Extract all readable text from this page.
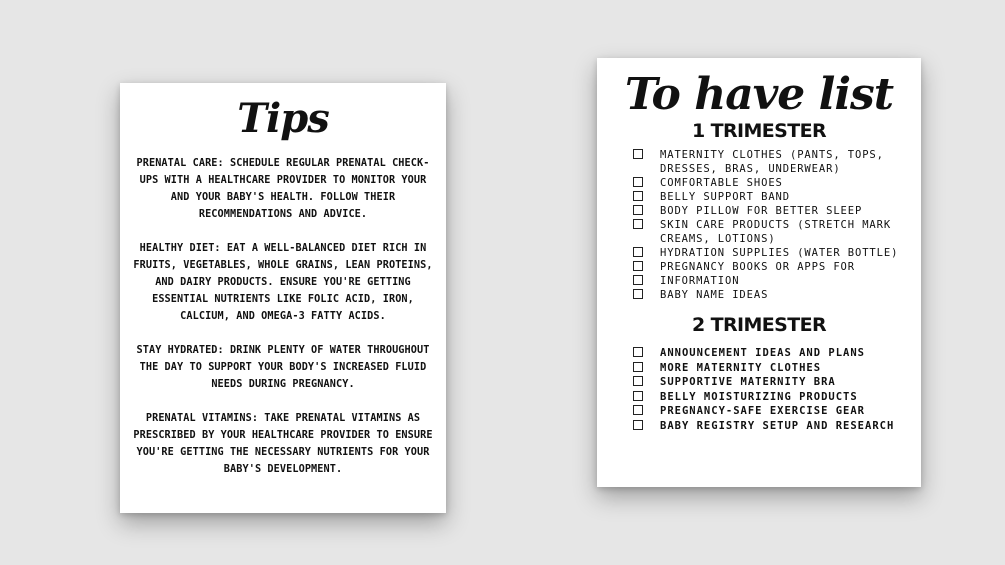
Tips

PRENATAL CARE: SCHEDULE REGULAR PRENATAL CHECK-UPS WITH A HEALTHCARE PROVIDER TO MONITOR YOUR AND YOUR BABY'S HEALTH. FOLLOW THEIR RECOMMENDATIONS AND ADVICE.

HEALTHY DIET: EAT A WELL-BALANCED DIET RICH IN FRUITS, VEGETABLES, WHOLE GRAINS, LEAN PROTEINS, AND DAIRY PRODUCTS. ENSURE YOU'RE GETTING ESSENTIAL NUTRIENTS LIKE FOLIC ACID, IRON, CALCIUM, AND OMEGA-3 FATTY ACIDS.

STAY HYDRATED: DRINK PLENTY OF WATER THROUGHOUT THE DAY TO SUPPORT YOUR BODY'S INCREASED FLUID NEEDS DURING PREGNANCY.

PRENATAL VITAMINS: TAKE PRENATAL VITAMINS AS PRESCRIBED BY YOUR HEALTHCARE PROVIDER TO ENSURE YOU'RE GETTING THE NECESSARY NUTRIENTS FOR YOUR BABY'S DEVELOPMENT.

To have list
1 TRIMESTER
MATERNITY CLOTHES (PANTS, TOPS, DRESSES, BRAS, UNDERWEAR)
COMFORTABLE SHOES
BELLY SUPPORT BAND
BODY PILLOW FOR BETTER SLEEP
SKIN CARE PRODUCTS (STRETCH MARK CREAMS, LOTIONS)
HYDRATION SUPPLIES (WATER BOTTLE)
PREGNANCY BOOKS OR APPS FOR
INFORMATION
BABY NAME IDEAS
2 TRIMESTER
ANNOUNCEMENT IDEAS AND PLANS
MORE MATERNITY CLOTHES
SUPPORTIVE MATERNITY BRA
BELLY MOISTURIZING PRODUCTS
PREGNANCY-SAFE EXERCISE GEAR
BABY REGISTRY SETUP AND RESEARCH
